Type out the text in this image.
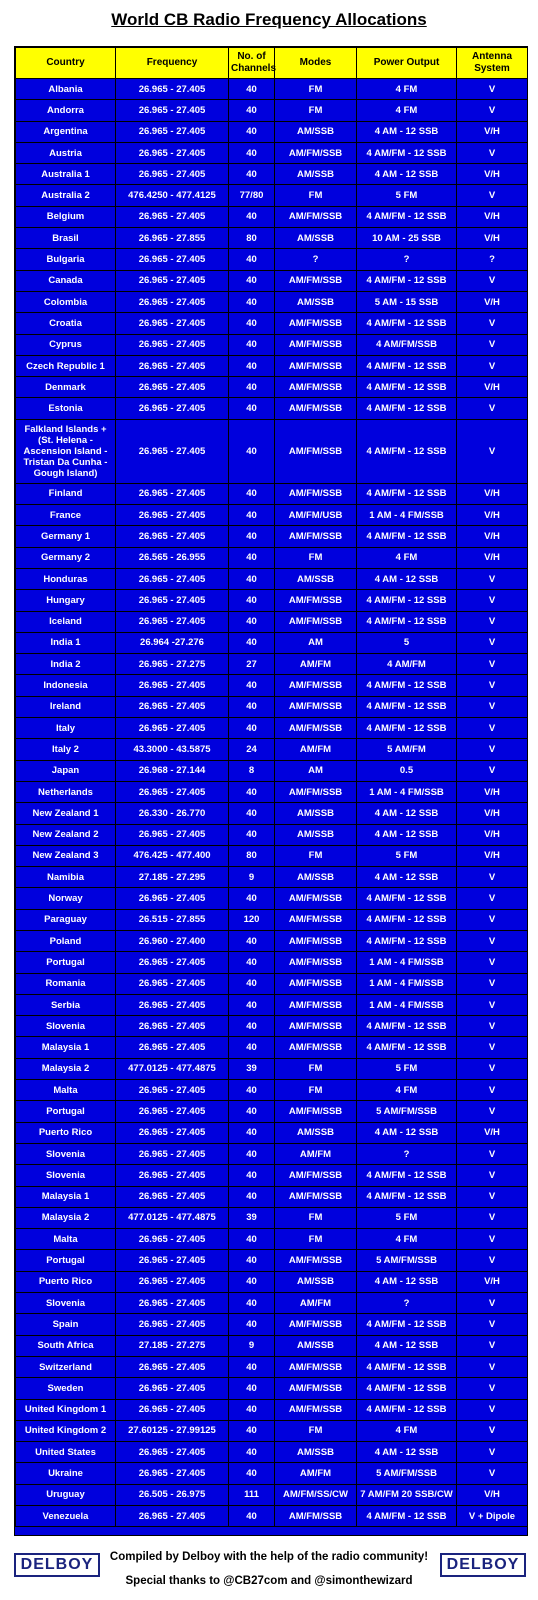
World CB Radio Frequency Allocations
Country	Frequency	No. of Channels	Modes	Power Output	Antenna System
Albania	26.965 - 27.405	40	FM	4 FM	V
Andorra	26.965 - 27.405	40	FM	4 FM	V
Argentina	26.965 - 27.405	40	AM/SSB	4 AM - 12 SSB	V/H
Austria	26.965 - 27.405	40	AM/FM/SSB	4 AM/FM - 12 SSB	V
Australia 1	26.965 - 27.405	40	AM/SSB	4 AM - 12 SSB	V/H
Australia 2	476.4250 - 477.4125	77/80	FM	5 FM	V
Belgium	26.965 - 27.405	40	AM/FM/SSB	4 AM/FM - 12 SSB	V/H
Brasil	26.965 - 27.855	80	AM/SSB	10 AM - 25 SSB	V/H
Bulgaria	26.965 - 27.405	40	?	?	?
Canada	26.965 - 27.405	40	AM/FM/SSB	4 AM/FM - 12 SSB	V
Colombia	26.965 - 27.405	40	AM/SSB	5 AM - 15 SSB	V/H
Croatia	26.965 - 27.405	40	AM/FM/SSB	4 AM/FM - 12 SSB	V
Cyprus	26.965 - 27.405	40	AM/FM/SSB	4 AM/FM/SSB	V
Czech Republic 1	26.965 - 27.405	40	AM/FM/SSB	4 AM/FM - 12 SSB	V
Denmark	26.965 - 27.405	40	AM/FM/SSB	4 AM/FM - 12 SSB	V/H
Estonia	26.965 - 27.405	40	AM/FM/SSB	4 AM/FM - 12 SSB	V
Falkland Islands + (St. Helena - Ascension Island - Tristan Da Cunha - Gough Island)	26.965 - 27.405	40	AM/FM/SSB	4 AM/FM - 12 SSB	V
Finland	26.965 - 27.405	40	AM/FM/SSB	4 AM/FM - 12 SSB	V/H
France	26.965 - 27.405	40	AM/FM/USB	1 AM - 4 FM/SSB	V/H
Germany 1	26.965 - 27.405	40	AM/FM/SSB	4 AM/FM - 12 SSB	V/H
Germany 2	26.565 - 26.955	40	FM	4 FM	V/H
Honduras	26.965 - 27.405	40	AM/SSB	4 AM - 12 SSB	V
Hungary	26.965 - 27.405	40	AM/FM/SSB	4 AM/FM - 12 SSB	V
Iceland	26.965 - 27.405	40	AM/FM/SSB	4 AM/FM - 12 SSB	V
India 1	26.964 -27.276	40	AM	5	V
India 2	26.965 - 27.275	27	AM/FM	4 AM/FM	V
Indonesia	26.965 - 27.405	40	AM/FM/SSB	4 AM/FM - 12 SSB	V
Ireland	26.965 - 27.405	40	AM/FM/SSB	4 AM/FM - 12 SSB	V
Italy	26.965 - 27.405	40	AM/FM/SSB	4 AM/FM - 12 SSB	V
Italy 2	43.3000 - 43.5875	24	AM/FM	5 AM/FM	V
Japan	26.968 - 27.144	8	AM	0.5	V
Netherlands	26.965 - 27.405	40	AM/FM/SSB	1 AM - 4 FM/SSB	V/H
New Zealand 1	26.330 - 26.770	40	AM/SSB	4 AM - 12 SSB	V/H
New Zealand 2	26.965 - 27.405	40	AM/SSB	4 AM - 12 SSB	V/H
New Zealand 3	476.425 - 477.400	80	FM	5 FM	V/H
Namibia	27.185 - 27.295	9	AM/SSB	4 AM - 12 SSB	V
Norway	26.965 - 27.405	40	AM/FM/SSB	4 AM/FM - 12 SSB	V
Paraguay	26.515 - 27.855	120	AM/FM/SSB	4 AM/FM - 12 SSB	V
Poland	26.960 - 27.400	40	AM/FM/SSB	4 AM/FM - 12 SSB	V
Portugal	26.965 - 27.405	40	AM/FM/SSB	1 AM - 4 FM/SSB	V
Romania	26.965 - 27.405	40	AM/FM/SSB	1 AM - 4 FM/SSB	V
Serbia	26.965 - 27.405	40	AM/FM/SSB	1 AM - 4 FM/SSB	V
Slovenia	26.965 - 27.405	40	AM/FM/SSB	4 AM/FM - 12 SSB	V
Malaysia 1	26.965 - 27.405	40	AM/FM/SSB	4 AM/FM - 12 SSB	V
Malaysia 2	477.0125 - 477.4875	39	FM	5 FM	V
Malta	26.965 - 27.405	40	FM	4 FM	V
Portugal	26.965 - 27.405	40	AM/FM/SSB	5 AM/FM/SSB	V
Puerto Rico	26.965 - 27.405	40	AM/SSB	4 AM - 12 SSB	V/H
Slovenia	26.965 - 27.405	40	AM/FM	?	V
Slovenia	26.965 - 27.405	40	AM/FM/SSB	4 AM/FM - 12 SSB	V
Malaysia 1	26.965 - 27.405	40	AM/FM/SSB	4 AM/FM - 12 SSB	V
Malaysia 2	477.0125 - 477.4875	39	FM	5 FM	V
Malta	26.965 - 27.405	40	FM	4 FM	V
Portugal	26.965 - 27.405	40	AM/FM/SSB	5 AM/FM/SSB	V
Puerto Rico	26.965 - 27.405	40	AM/SSB	4 AM - 12 SSB	V/H
Slovenia	26.965 - 27.405	40	AM/FM	?	V
Spain	26.965 - 27.405	40	AM/FM/SSB	4 AM/FM - 12 SSB	V
South Africa	27.185 - 27.275	9	AM/SSB	4 AM - 12 SSB	V
Switzerland	26.965 - 27.405	40	AM/FM/SSB	4 AM/FM - 12 SSB	V
Sweden	26.965 - 27.405	40	AM/FM/SSB	4 AM/FM - 12 SSB	V
United Kingdom 1	26.965 - 27.405	40	AM/FM/SSB	4 AM/FM - 12 SSB	V
United Kingdom 2	27.60125 - 27.99125	40	FM	4 FM	V
United States	26.965 - 27.405	40	AM/SSB	4 AM - 12 SSB	V
Ukraine	26.965 - 27.405	40	AM/FM	5 AM/FM/SSB	V
Uruguay	26.505 - 26.975	111	AM/FM/SS/CW	7 AM/FM 20 SSB/CW	V/H
Venezuela	26.965 - 27.405	40	AM/FM/SSB	4 AM/FM - 12 SSB	V + Dipole
DELBOY	Compiled by Delboy with the help of the radio community!
Special thanks to @CB27com and @simonthewizard
DELBOY
